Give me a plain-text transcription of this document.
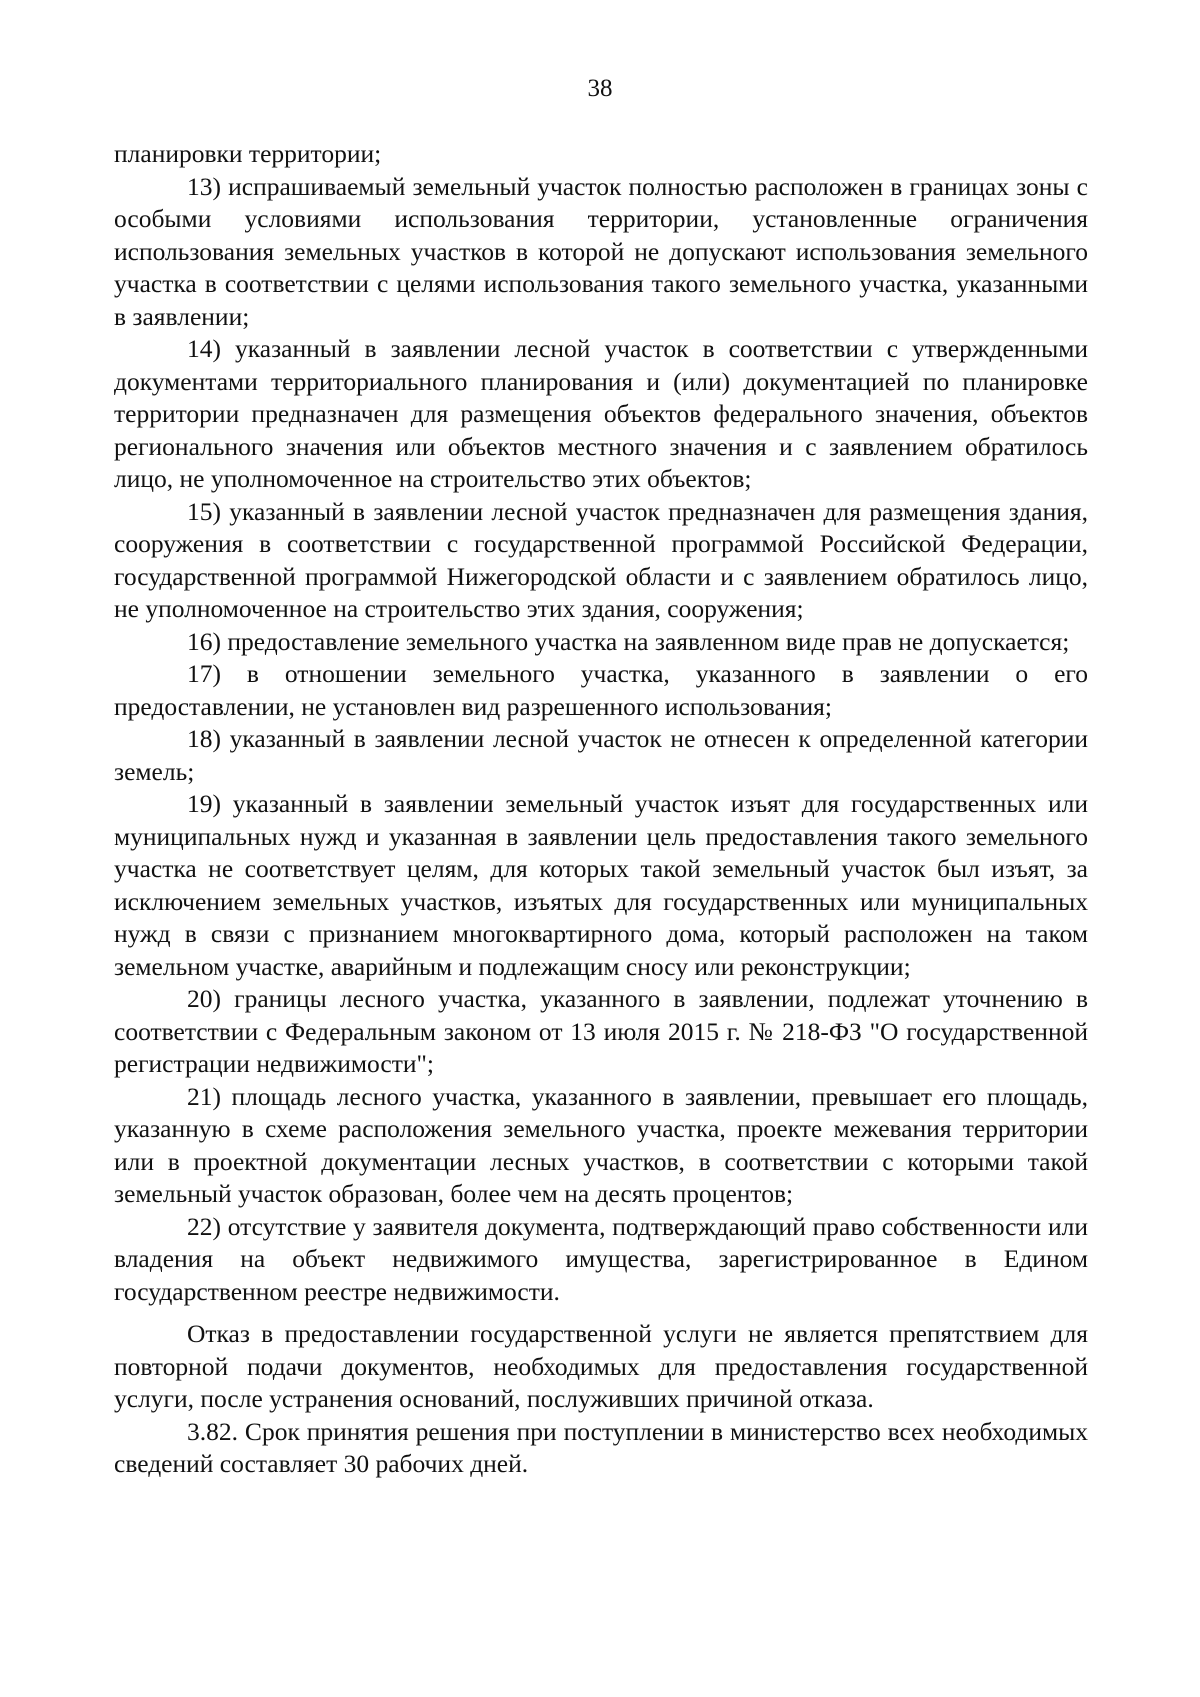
38

планировки территории;

13) испрашиваемый земельный участок полностью расположен в границах зоны с особыми условиями использования территории, установленные ограничения использования земельных участков в которой не допускают использования земельного участка в соответствии с целями использования такого земельного участка, указанными в заявлении;

14) указанный в заявлении лесной участок в соответствии с утвержденными документами территориального планирования и (или) документацией по планировке территории предназначен для размещения объектов федерального значения, объектов регионального значения или объектов местного значения и с заявлением обратилось лицо, не уполномоченное на строительство этих объектов;

15) указанный в заявлении лесной участок предназначен для размещения здания, сооружения в соответствии с государственной программой Российской Федерации, государственной программой Нижегородской области и с заявлением обратилось лицо, не уполномоченное на строительство этих здания, сооружения;

16) предоставление земельного участка на заявленном виде прав не допускается;

17) в отношении земельного участка, указанного в заявлении о его предоставлении, не установлен вид разрешенного использования;

18) указанный в заявлении лесной участок не отнесен к определенной категории земель;

19) указанный в заявлении земельный участок изъят для государственных или муниципальных нужд и указанная в заявлении цель предоставления такого земельного участка не соответствует целям, для которых такой земельный участок был изъят, за исключением земельных участков, изъятых для государственных или муниципальных нужд в связи с признанием многоквартирного дома, который расположен на таком земельном участке, аварийным и подлежащим сносу или реконструкции;

20) границы лесного участка, указанного в заявлении, подлежат уточнению в соответствии с Федеральным законом от 13 июля 2015 г. № 218-ФЗ "О государственной регистрации недвижимости";

21) площадь лесного участка, указанного в заявлении, превышает его площадь, указанную в схеме расположения земельного участка, проекте межевания территории или в проектной документации лесных участков, в соответствии с которыми такой земельный участок образован, более чем на десять процентов;

22) отсутствие у заявителя документа, подтверждающий право собственности или владения на объект недвижимого имущества, зарегистрированное в Едином государственном реестре недвижимости.

Отказ в предоставлении государственной услуги не является препятствием для повторной подачи документов, необходимых для предоставления государственной услуги, после устранения оснований, послуживших причиной отказа.

3.82. Срок принятия решения при поступлении в министерство всех необходимых сведений составляет 30 рабочих дней.
